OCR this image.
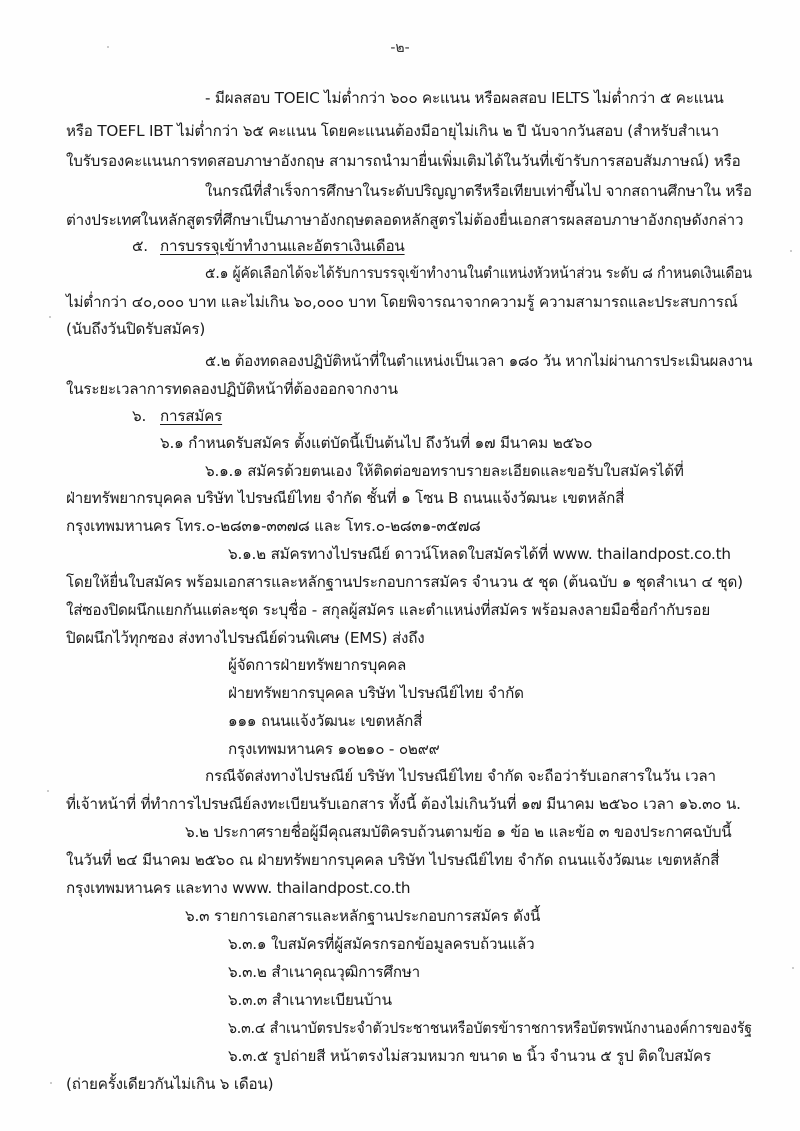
-๒-
- มีผลสอบ TOEIC ไม่ต่ำกว่า ๖๐๐ คะแนน หรือผลสอบ IELTS ไม่ต่ำกว่า ๕ คะแนน
หรือ TOEFL IBT ไม่ต่ำกว่า ๖๕ คะแนน โดยคะแนนต้องมีอายุไม่เกิน ๒ ปี นับจากวันสอบ (สำหรับสำเนา
ใบรับรองคะแนนการทดสอบภาษาอังกฤษ สามารถนำมายื่นเพิ่มเติมได้ในวันที่เข้ารับการสอบสัมภาษณ์) หรือ
ในกรณีที่สำเร็จการศึกษาในระดับปริญญาตรีหรือเทียบเท่าขึ้นไป จากสถานศึกษาใน หรือ
ต่างประเทศในหลักสูตรที่ศึกษาเป็นภาษาอังกฤษตลอดหลักสูตรไม่ต้องยื่นเอกสารผลสอบภาษาอังกฤษดังกล่าว
๕. การบรรจุเข้าทำงานและอัตราเงินเดือน
๕.๑ ผู้คัดเลือกได้จะได้รับการบรรจุเข้าทำงานในตำแหน่งหัวหน้าส่วน ระดับ ๘ กำหนดเงินเดือน
ไม่ต่ำกว่า ๔๐,๐๐๐ บาท และไม่เกิน ๖๐,๐๐๐ บาท โดยพิจารณาจากความรู้ ความสามารถและประสบการณ์
(นับถึงวันปิดรับสมัคร)
๕.๒ ต้องทดลองปฏิบัติหน้าที่ในตำแหน่งเป็นเวลา ๑๘๐ วัน หากไม่ผ่านการประเมินผลงาน
ในระยะเวลาการทดลองปฏิบัติหน้าที่ต้องออกจากงาน
๖. การสมัคร
๖.๑ กำหนดรับสมัคร ตั้งแต่บัดนี้เป็นต้นไป ถึงวันที่ ๑๗ มีนาคม ๒๕๖๐
๖.๑.๑ สมัครด้วยตนเอง ให้ติดต่อขอทราบรายละเอียดและขอรับใบสมัครได้ที่
ฝ่ายทรัพยากรบุคคล บริษัท ไปรษณีย์ไทย จำกัด ชั้นที่ ๑ โซน B ถนนแจ้งวัฒนะ เขตหลักสี่
กรุงเทพมหานคร โทร.๐-๒๘๓๑-๓๓๗๘ และ โทร.๐-๒๘๓๑-๓๕๗๘
๖.๑.๒ สมัครทางไปรษณีย์ ดาวน์โหลดใบสมัครได้ที่ www. thailandpost.co.th
โดยให้ยื่นใบสมัคร พร้อมเอกสารและหลักฐานประกอบการสมัคร จำนวน ๕ ชุด (ต้นฉบับ ๑ ชุดสำเนา ๔ ชุด)
ใส่ซองปิดผนึกแยกกันแต่ละชุด ระบุชื่อ - สกุลผู้สมัคร และตำแหน่งที่สมัคร พร้อมลงลายมือชื่อกำกับรอย
ปิดผนึกไว้ทุกซอง ส่งทางไปรษณีย์ด่วนพิเศษ (EMS) ส่งถึง
ผู้จัดการฝ่ายทรัพยากรบุคคล
ฝ่ายทรัพยากรบุคคล บริษัท ไปรษณีย์ไทย จำกัด
๑๑๑ ถนนแจ้งวัฒนะ เขตหลักสี่
กรุงเทพมหานคร ๑๐๒๑๐ - ๐๒๙๙
กรณีจัดส่งทางไปรษณีย์ บริษัท ไปรษณีย์ไทย จำกัด จะถือว่ารับเอกสารในวัน เวลา
ที่เจ้าหน้าที่ ที่ทำการไปรษณีย์ลงทะเบียนรับเอกสาร ทั้งนี้ ต้องไม่เกินวันที่ ๑๗ มีนาคม ๒๕๖๐ เวลา ๑๖.๓๐ น.
๖.๒ ประกาศรายชื่อผู้มีคุณสมบัติครบถ้วนตามข้อ ๑ ข้อ ๒ และข้อ ๓ ของประกาศฉบับนี้
ในวันที่ ๒๔ มีนาคม ๒๕๖๐ ณ ฝ่ายทรัพยากรบุคคล บริษัท ไปรษณีย์ไทย จำกัด ถนนแจ้งวัฒนะ เขตหลักสี่
กรุงเทพมหานคร และทาง www. thailandpost.co.th
๖.๓ รายการเอกสารและหลักฐานประกอบการสมัคร ดังนี้
๖.๓.๑ ใบสมัครที่ผู้สมัครกรอกข้อมูลครบถ้วนแล้ว
๖.๓.๒ สำเนาคุณวุฒิการศึกษา
๖.๓.๓ สำเนาทะเบียนบ้าน
๖.๓.๔ สำเนาบัตรประจำตัวประชาชนหรือบัตรข้าราชการหรือบัตรพนักงานองค์การของรัฐ
๖.๓.๕ รูปถ่ายสี หน้าตรงไม่สวมหมวก ขนาด ๒ นิ้ว จำนวน ๕ รูป ติดใบสมัคร
(ถ่ายครั้งเดียวกันไม่เกิน ๖ เดือน)
